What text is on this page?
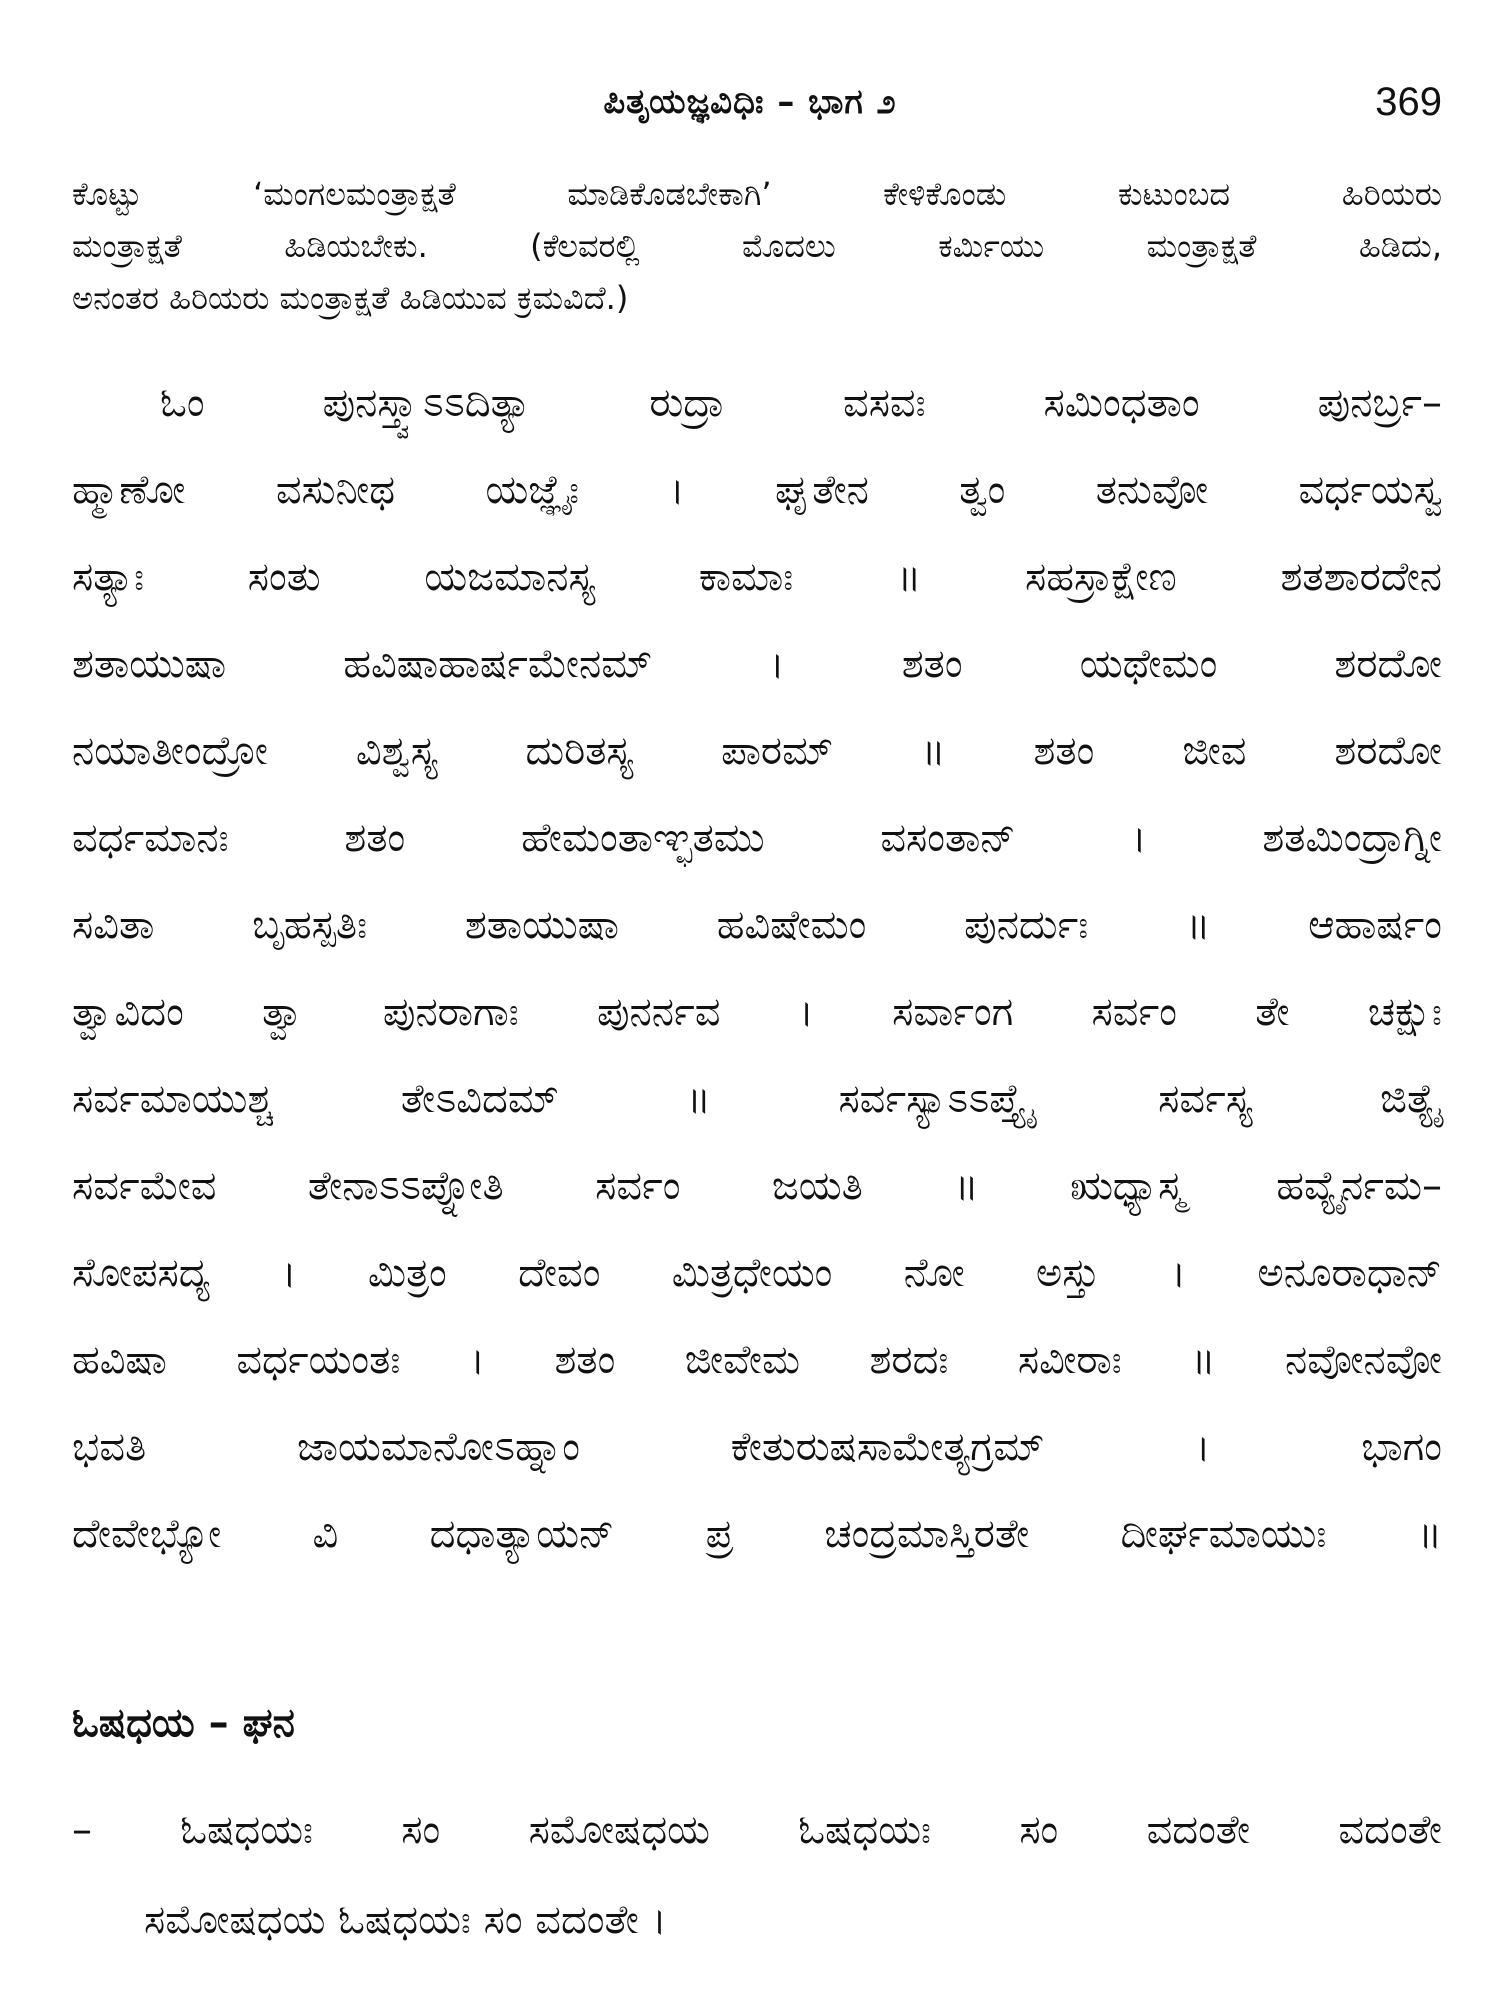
ಪಿತೃಯಜ್ಞವಿಧಿಃ – ಭಾಗ ೨	369

ಕೊಟ್ಟು ‘ಮಂಗಲಮಂತ್ರಾಕ್ಷತೆ ಮಾಡಿಕೊಡಬೇಕಾಗಿ’ ಕೇಳಿಕೊಂಡು ಕುಟುಂಬದ ಹಿರಿಯರು
ಮಂತ್ರಾಕ್ಷತೆ ಹಿಡಿಯಬೇಕು. (ಕೆಲವರಲ್ಲಿ ಮೊದಲು ಕರ್ಮಿಯು ಮಂತ್ರಾಕ್ಷತೆ ಹಿಡಿದು,
ಅನಂತರ ಹಿರಿಯರು ಮಂತ್ರಾಕ್ಷತೆ ಹಿಡಿಯುವ ಕ್ರಮವಿದೆ.)

ಓಂ ಪುನಸ್ತ್ವಾಽಽದಿತ್ಯಾ ರುದ್ರಾ ವಸವಃ ಸಮಿಂಧತಾಂ ಪುನರ್ಬ್ರ–
ಹ್ಮಾಣೋ ವಸುನೀಥ ಯಜ್ಞೈಃ । ಘೃತೇನ ತ್ವಂ ತನುವೋ ವರ್ಧಯಸ್ವ
ಸತ್ಯಾಃ ಸಂತು ಯಜಮಾನಸ್ಯ ಕಾಮಾಃ ॥ ಸಹಸ್ರಾಕ್ಷೇಣ ಶತಶಾರದೇನ
ಶತಾಯುಷಾ ಹವಿಷಾಹಾರ್ಷಮೇನಮ್ । ಶತಂ ಯಥೇಮಂ ಶರದೋ
ನಯಾತೀಂದ್ರೋ ವಿಶ್ವಸ್ಯ ದುರಿತಸ್ಯ ಪಾರಮ್ ॥ ಶತಂ ಜೀವ ಶರದೋ
ವರ್ಧಮಾನಃ ಶತಂ ಹೇಮಂತಾಞ್ಛತಮು ವಸಂತಾನ್ । ಶತಮಿಂದ್ರಾಗ್ನೀ
ಸವಿತಾ ಬೃಹಸ್ಪತಿಃ ಶತಾಯುಷಾ ಹವಿಷೇಮಂ ಪುನರ್ದುಃ ॥ ಆಹಾರ್ಷಂ
ತ್ವಾವಿದಂ ತ್ವಾ ಪುನರಾಗಾಃ ಪುನರ್ನವ । ಸರ್ವಾಂಗ ಸರ್ವಂ ತೇ ಚಕ್ಷುಃ
ಸರ್ವಮಾಯುಶ್ಚ ತೇಽವಿದಮ್ ॥ ಸರ್ವಸ್ಯಾಽಽಪ್ತ್ಯೈ ಸರ್ವಸ್ಯ ಜಿತ್ಯೈ
ಸರ್ವಮೇವ ತೇನಾಽಽಪ್ನೋತಿ ಸರ್ವಂ ಜಯತಿ ॥ ಋಧ್ಯಾಸ್ಮ ಹವ್ಯೈರ್ನಮ–
ಸೋಪಸದ್ಯ । ಮಿತ್ರಂ ದೇವಂ ಮಿತ್ರಧೇಯಂ ನೋ ಅಸ್ತು । ಅನೂರಾಧಾನ್
ಹವಿಷಾ ವರ್ಧಯಂತಃ । ಶತಂ ಜೀವೇಮ ಶರದಃ ಸವೀರಾಃ ॥ ನವೋನವೋ
ಭವತಿ ಜಾಯಮಾನೋಽಹ್ನಾಂ ಕೇತುರುಷಸಾಮೇತ್ಯಗ್ರಮ್ । ಭಾಗಂ
ದೇವೇಭ್ಯೋ ವಿ ದಧಾತ್ಯಾಯನ್ ಪ್ರ ಚಂದ್ರಮಾಸ್ತಿರತೇ ದೀರ್ಘಮಾಯುಃ ॥

ಓಷಧಯ – ಘನ

– ಓಷಧಯಃ ಸಂ ಸಮೋಷಧಯ ಓಷಧಯಃ ಸಂ ವದಂತೇ ವದಂತೇ
ಸಮೋಷಧಯ ಓಷಧಯಃ ಸಂ ವದಂತೇ ।
